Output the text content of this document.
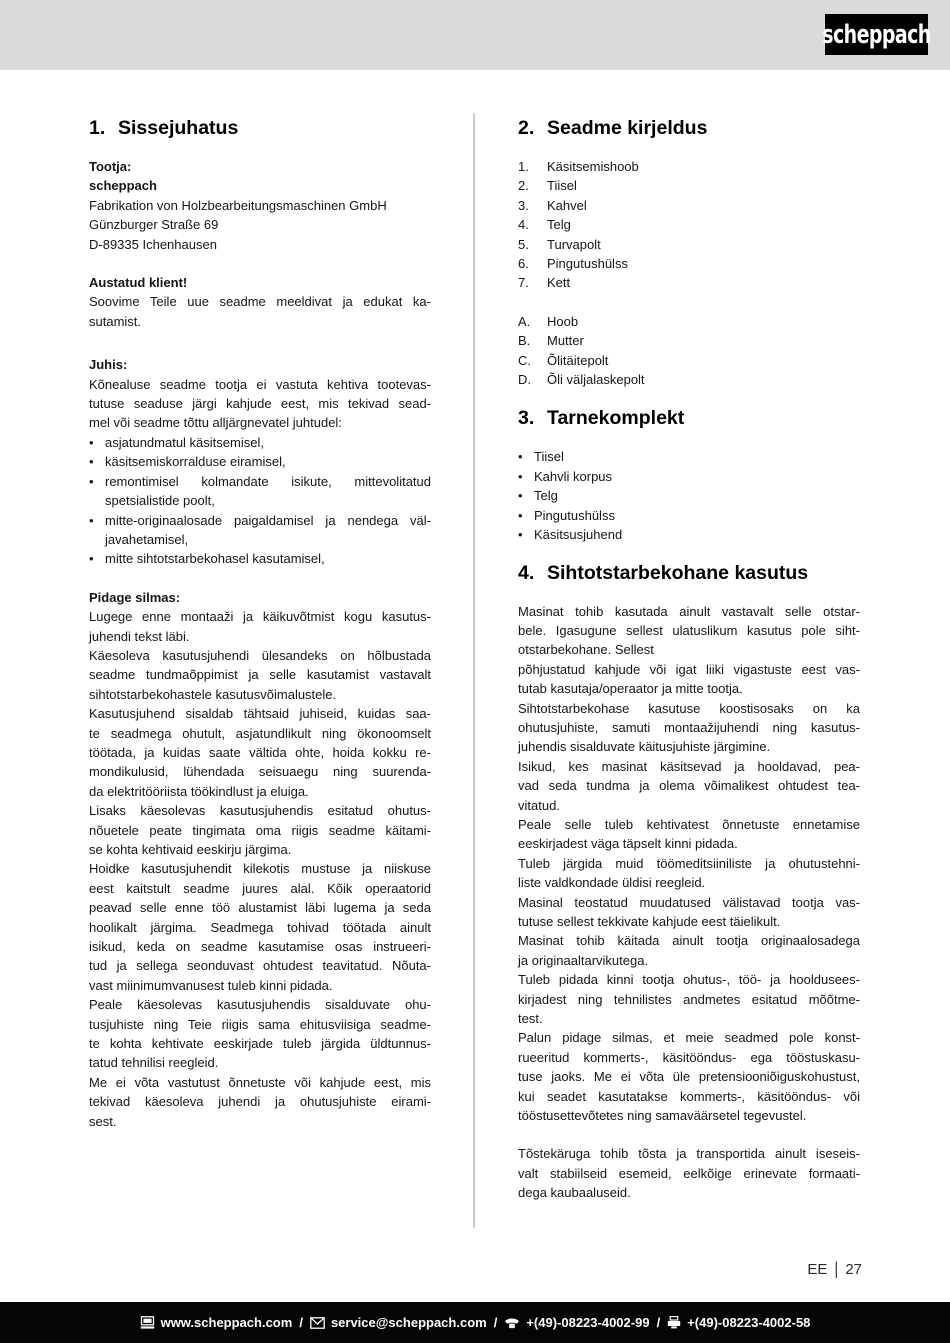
scheppach
1. Sissejuhatus
Tootja:
scheppach
Fabrikation von Holzbearbeitungsmaschinen GmbH
Günzburger Straße 69
D-89335 Ichenhausen
Austatud klient!
Soovime Teile uue seadme meeldivat ja edukat ka-
sutamist.
Juhis:
Kõnealuse seadme tootja ei vastuta kehtiva tootevas-
tutuse seaduse järgi kahjude eest, mis tekivad sead-
mel või seadme tõttu alljärgnevatel juhtudel:
• asjatundmatul käsitsemisel,
• käsitsemiskorralduse eiramisel,
• remontimisel kolmandate isikute, mittevolitatud
spetsialistide poolt,
• mitte-originaalosade paigaldamisel ja nendega väl-
javahetamisel,
• mitte sihtotstarbekohasel kasutamisel,
Pidage silmas:
Lugege enne montaaži ja käikuvõtmist kogu kasutus-
juhendi tekst läbi.
Käesoleva kasutusjuhendi ülesandeks on hõlbustada
seadme tundmaõppimist ja selle kasutamist vastavalt
sihtotstarbekohastele kasutusvõimalustele.
Kasutusjuhend sisaldab tähtsaid juhiseid, kuidas saa-
te seadmega ohutult, asjatundlikult ning ökonoomselt
töötada, ja kuidas saate vältida ohte, hoida kokku re-
mondikulusid, lühendada seisuaegu ning suurenda-
da elektritööriista töökindlust ja eluiga.
Lisaks käesolevas kasutusjuhendis esitatud ohutus-
nõuetele peate tingimata oma riigis seadme käitami-
se kohta kehtivaid eeskirju järgima.
Hoidke kasutusjuhendit kilekotis mustuse ja niiskuse
eest kaitstult seadme juures alal. Kõik operaatorid
peavad selle enne töö alustamist läbi lugema ja seda
hoolikalt järgima. Seadmega tohivad töötada ainult
isikud, keda on seadme kasutamise osas instrueeri-
tud ja sellega seonduvast ohtudest teavitatud. Nõuta-
vast miinimumvanusest tuleb kinni pidada.
Peale käesolevas kasutusjuhendis sisalduvate ohu-
tusjuhiste ning Teie riigis sama ehitusviisiga seadme-
te kohta kehtivate eeskirjade tuleb järgida üldtunnus-
tatud tehnilisi reegleid.
Me ei võta vastutust õnnetuste või kahjude eest, mis
tekivad käesoleva juhendi ja ohutusjuhiste eirami-
sest.
2. Seadme kirjeldus
1.	Käsitsemishoob
2.	Tiisel
3.	Kahvel
4.	Telg
5.	Turvapolt
6.	Pingutushülss
7.	Kett
A.	Hoob
B.	Mutter
C.	Õlitäitepolt
D.	Õli väljalaskepolt
3. Tarnekomplekt
• Tiisel
• Kahvli korpus
• Telg
• Pingutushülss
• Käsitsusjuhend
4. Sihtotstarbekohane kasutus
Masinat tohib kasutada ainult vastavalt selle otstar-
bele. Igasugune sellest ulatuslikum kasutus pole siht-
otstarbekohane. Sellest
põhjustatud kahjude või igat liiki vigastuste eest vas-
tutab kasutaja/operaator ja mitte tootja.
Sihtotstarbekohase kasutuse koostisosaks on ka
ohutusjuhiste, samuti montaažijuhendi ning kasutus-
juhendis sisalduvate käitusjuhiste järgimine.
Isikud, kes masinat käsitsevad ja hooldavad, pea-
vad seda tundma ja olema võimalikest ohtudest tea-
vitatud.
Peale selle tuleb kehtivatest õnnetuste ennetamise
eeskirjadest väga täpselt kinni pidada.
Tuleb järgida muid töömeditsiiniliste ja ohutustehni-
liste valdkondade üldisi reegleid.
Masinal teostatud muudatused välistavad tootja vas-
tutuse sellest tekkivate kahjude eest täielikult.
Masinat tohib käitada ainult tootja originaalosadega
ja originaaltarvikutega.
Tuleb pidada kinni tootja ohutus-, töö- ja hooldusees-
kirjadest ning tehnilistes andmetes esitatud mõõtme-
test.
Palun pidage silmas, et meie seadmed pole konst-
rueeritud kommerts-, käsitööndus- ega tööstuskasu-
tuse jaoks. Me ei võta üle pretensiooniõiguskohustust,
kui seadet kasutatakse kommerts-, käsitööndus- või
tööstusettevõtetes ning samaväärsetel tegevustel.
Tõstekäruga tohib tõsta ja transportida ainult iseseis-
valt stabiilseid esemeid, eelkõige erinevate formaati-
dega kaubaaluseid.
EE | 27
www.scheppach.com / service@scheppach.com / +(49)-08223-4002-99 / +(49)-08223-4002-58
